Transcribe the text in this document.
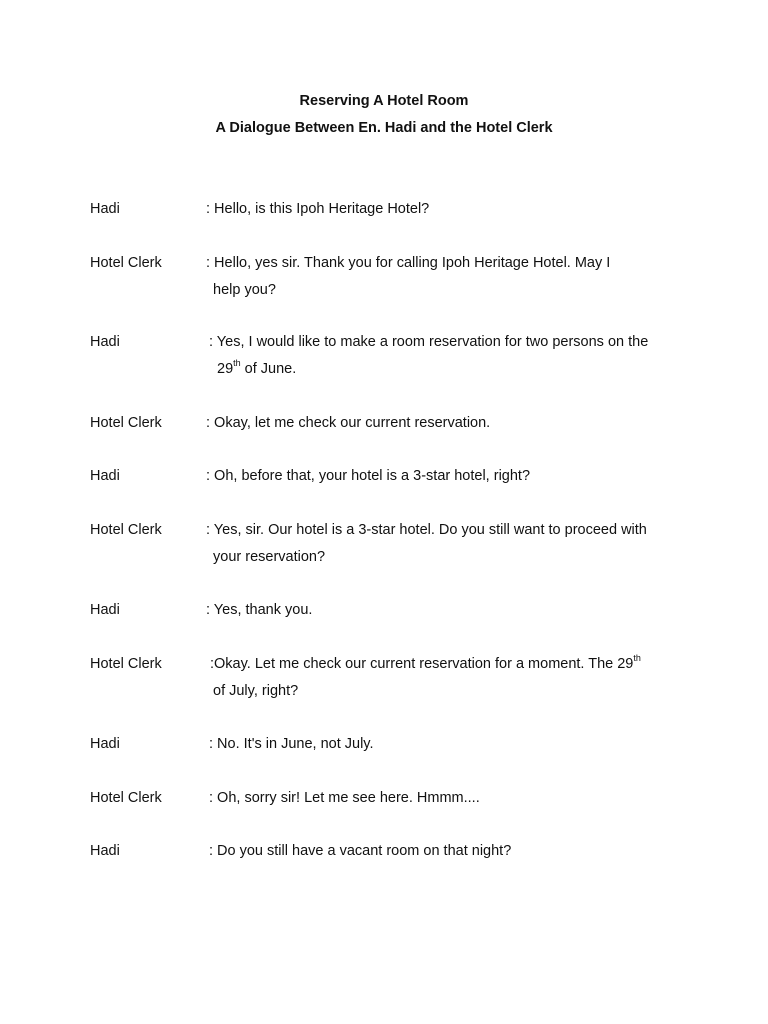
Reserving A Hotel Room
A Dialogue Between En. Hadi and the Hotel Clerk
Hadi	: Hello, is this Ipoh Heritage Hotel?
Hotel Clerk	: Hello, yes sir. Thank you for calling Ipoh Heritage Hotel. May I
help you?
Hadi	: Yes, I would like to make a room reservation for two persons on the
29th of June.
Hotel Clerk	: Okay, let me check our current reservation.
Hadi	: Oh, before that, your hotel is a 3-star hotel, right?
Hotel Clerk	: Yes, sir. Our hotel is a 3-star hotel. Do you still want to proceed with
your reservation?
Hadi	: Yes, thank you.
Hotel Clerk	:Okay. Let me check our current reservation for a moment. The 29th
of July, right?
Hadi	: No. It's in June, not July.
Hotel Clerk	: Oh, sorry sir! Let me see here. Hmmm....
Hadi	: Do you still have a vacant room on that night?
